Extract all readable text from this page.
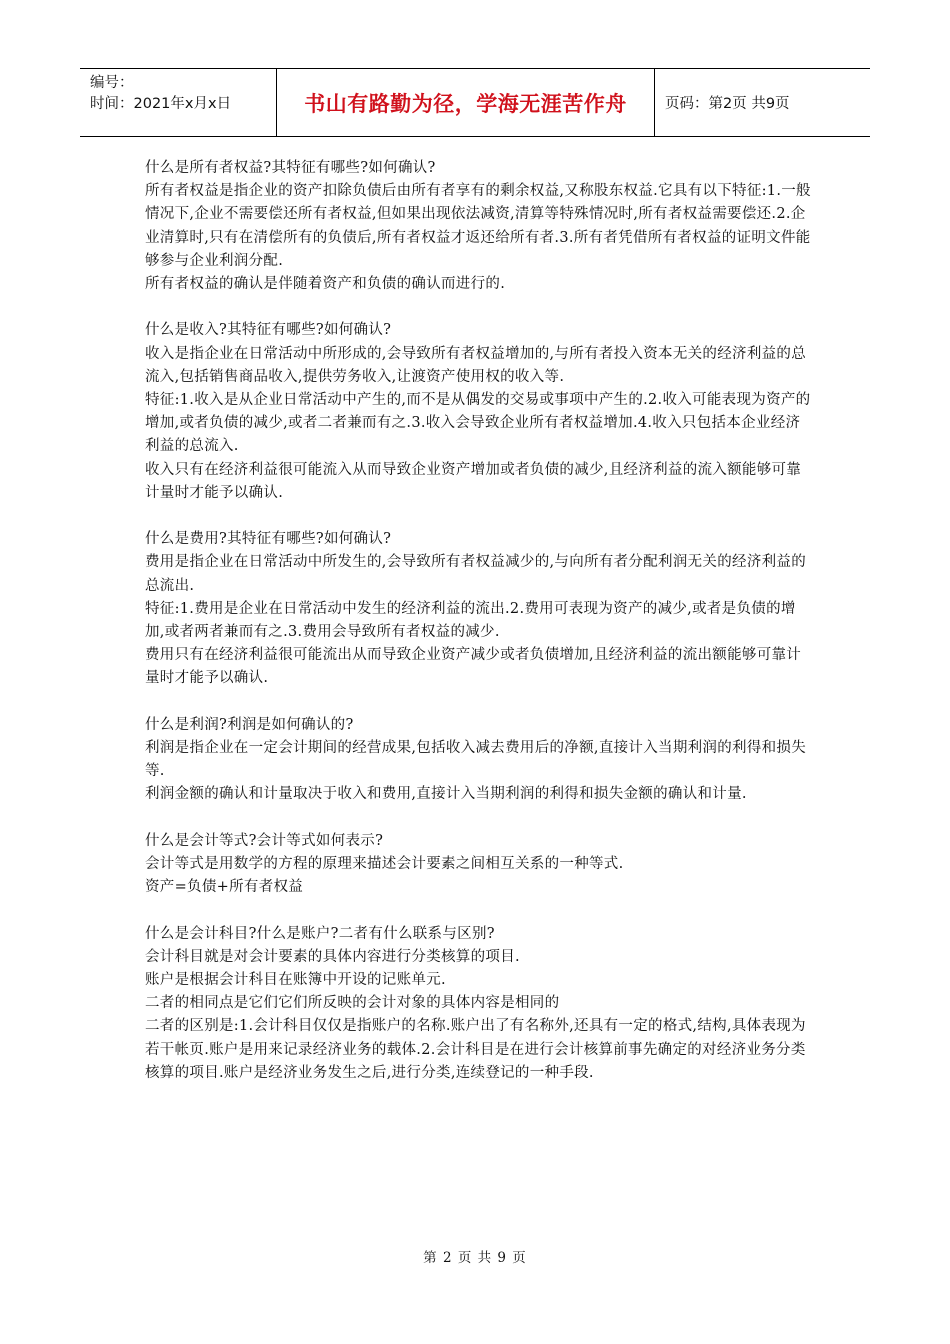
编号：
时间：2021年x月x日	书山有路勤为径，学海无涯苦作舟	页码：第2页 共9页

什么是所有者权益?其特征有哪些?如何确认?

所有者权益是指企业的资产扣除负债后由所有者享有的剩余权益,又称股东权益.它具有以下特征:1.一般情况下,企业不需要偿还所有者权益,但如果出现依法减资,清算等特殊情况时,所有者权益需要偿还.2.企业清算时,只有在清偿所有的负债后,所有者权益才返还给所有者.3.所有者凭借所有者权益的证明文件能够参与企业利润分配.

所有者权益的确认是伴随着资产和负债的确认而进行的.

什么是收入?其特征有哪些?如何确认?

收入是指企业在日常活动中所形成的,会导致所有者权益增加的,与所有者投入资本无关的经济利益的总流入,包括销售商品收入,提供劳务收入,让渡资产使用权的收入等.

特征:1.收入是从企业日常活动中产生的,而不是从偶发的交易或事项中产生的.2.收入可能表现为资产的增加,或者负债的减少,或者二者兼而有之.3.收入会导致企业所有者权益增加.4.收入只包括本企业经济利益的总流入.

收入只有在经济利益很可能流入从而导致企业资产增加或者负债的减少,且经济利益的流入额能够可靠计量时才能予以确认.

什么是费用?其特征有哪些?如何确认?

费用是指企业在日常活动中所发生的,会导致所有者权益减少的,与向所有者分配利润无关的经济利益的总流出.

特征:1.费用是企业在日常活动中发生的经济利益的流出.2.费用可表现为资产的减少,或者是负债的增加,或者两者兼而有之.3.费用会导致所有者权益的减少.

费用只有在经济利益很可能流出从而导致企业资产减少或者负债增加,且经济利益的流出额能够可靠计量时才能予以确认.

什么是利润?利润是如何确认的?

利润是指企业在一定会计期间的经营成果,包括收入减去费用后的净额,直接计入当期利润的利得和损失等.

利润金额的确认和计量取决于收入和费用,直接计入当期利润的利得和损失金额的确认和计量.

什么是会计等式?会计等式如何表示?

会计等式是用数学的方程的原理来描述会计要素之间相互关系的一种等式.

资产=负债+所有者权益

什么是会计科目?什么是账户?二者有什么联系与区别?

会计科目就是对会计要素的具体内容进行分类核算的项目.

账户是根据会计科目在账簿中开设的记账单元.

二者的相同点是它们它们所反映的会计对象的具体内容是相同的

二者的区别是:1.会计科目仅仅是指账户的名称.账户出了有名称外,还具有一定的格式,结构,具体表现为若干帐页.账户是用来记录经济业务的载体.2.会计科目是在进行会计核算前事先确定的对经济业务分类核算的项目.账户是经济业务发生之后,进行分类,连续登记的一种手段.

第 2 页 共 9 页
